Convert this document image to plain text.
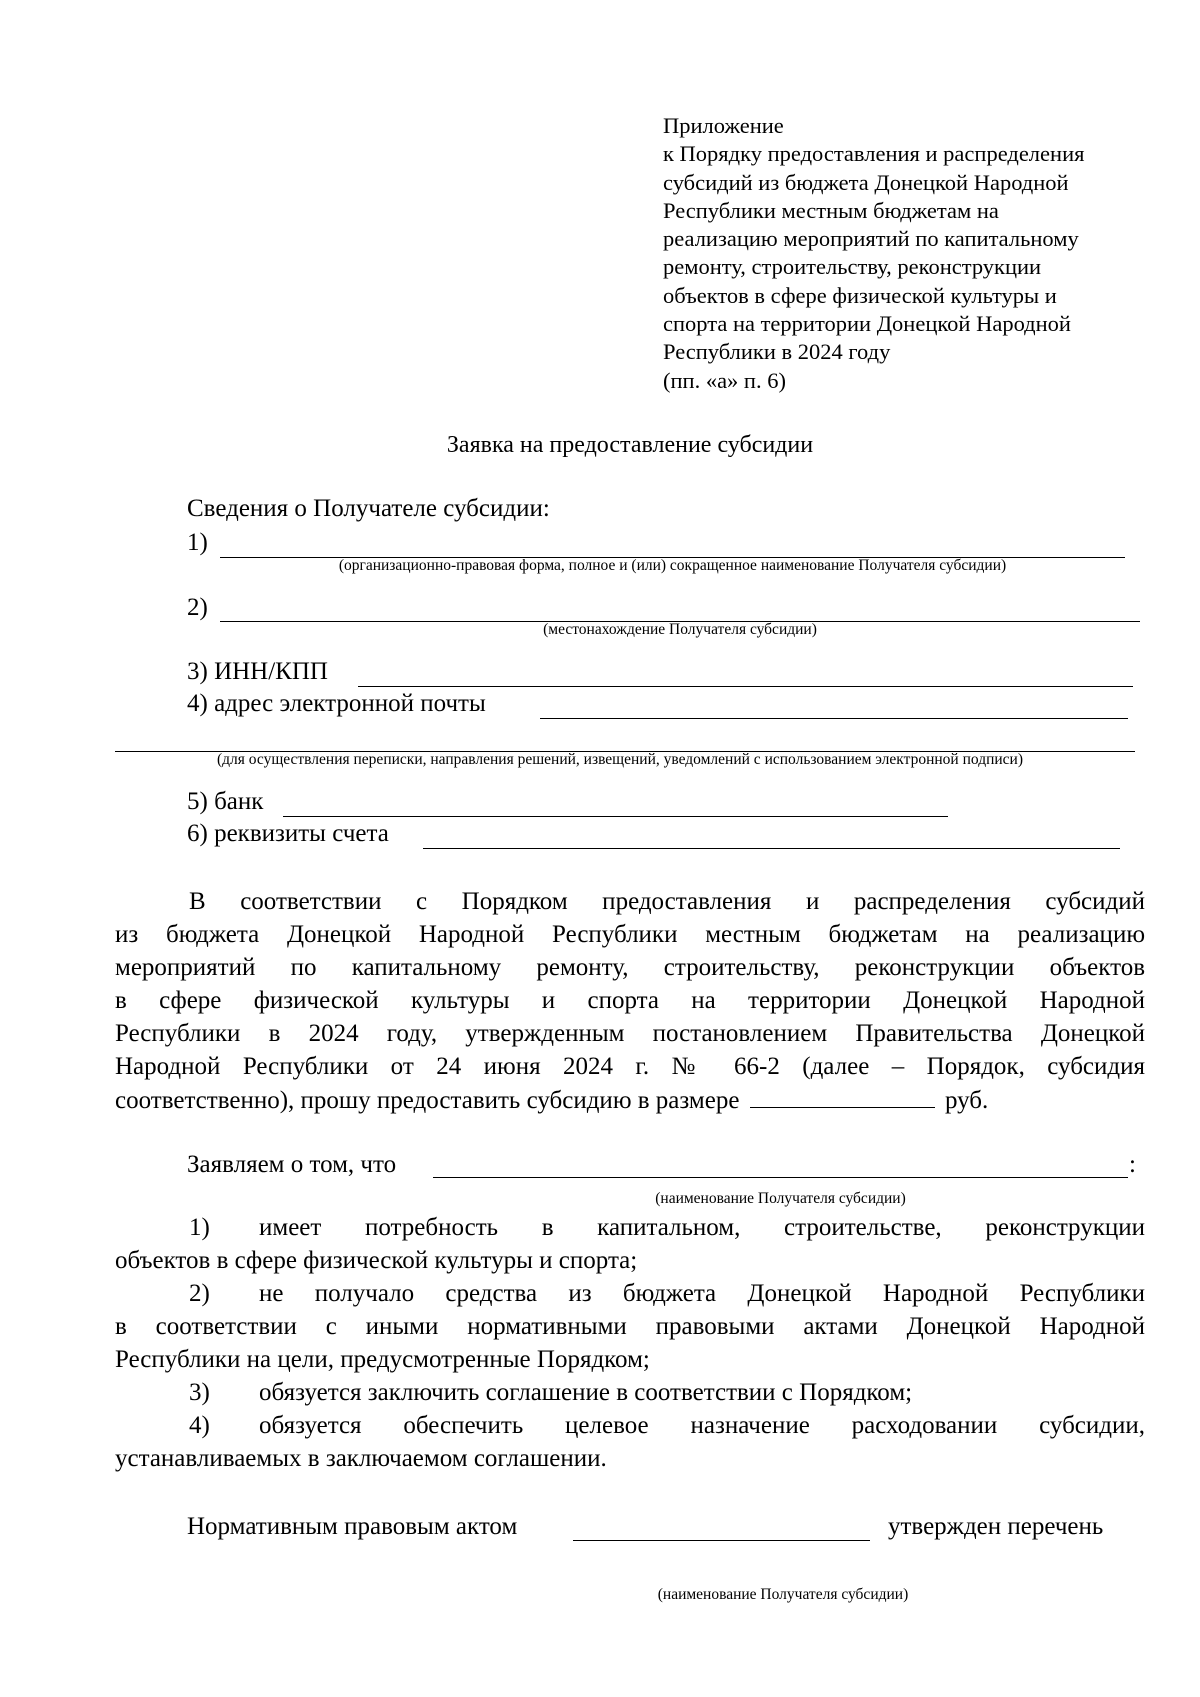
Приложение
к Порядку предоставления и распределения
субсидий из бюджета Донецкой Народной
Республики местным бюджетам на
реализацию мероприятий по капитальному
ремонту, строительству, реконструкции
объектов в сфере физической культуры и
спорта на территории Донецкой Народной
Республики в 2024 году
(пп. «а» п. 6)
Заявка на предоставление субсидии
Сведения о Получателе субсидии:
1)
(организационно-правовая форма, полное и (или) сокращенное наименование Получателя субсидии)
2)
(местонахождение Получателя субсидии)
3) ИНН/КПП
4) адрес электронной почты
(для осуществления переписки, направления решений, извещений, уведомлений с использованием электронной подписи)
5) банк
6) реквизиты счета
В соответствии с Порядком предоставления и распределения субсидий
из бюджета Донецкой Народной Республики местным бюджетам на реализацию
мероприятий по капитальному ремонту, строительству, реконструкции объектов
в сфере физической культуры и спорта на территории Донецкой Народной
Республики в 2024 году, утвержденным постановлением Правительства Донецкой
Народной Республики от 24 июня 2024 г. № 66-2 (далее – Порядок, субсидия
соответственно), прошу предоставить субсидию в размере	руб.
Заявляем о том, что	:
(наименование Получателя субсидии)
1)	имеет потребность в капитальном, строительстве, реконструкции
объектов в сфере физической культуры и спорта;
2)	не получало средства из бюджета Донецкой Народной Республики
в соответствии с иными нормативными правовыми актами Донецкой Народной
Республики на цели, предусмотренные Порядком;
3)	обязуется заключить соглашение в соответствии с Порядком;
4)	обязуется обеспечить целевое назначение расходовании субсидии,
устанавливаемых в заключаемом соглашении.
Нормативным правовым актом	утвержден перечень
(наименование Получателя субсидии)
